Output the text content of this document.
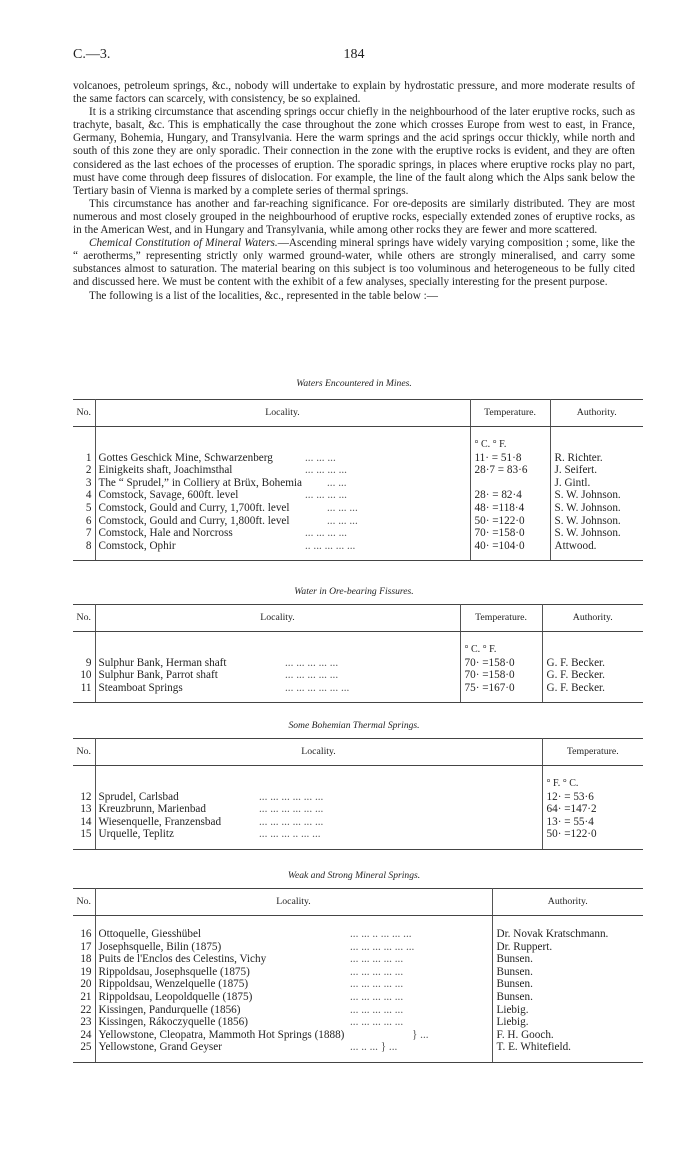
C.—3.	184

volcanoes, petroleum springs, &c., nobody will undertake to explain by hydrostatic pressure, and more moderate results of the same factors can scarcely, with consistency, be so explained.

It is a striking circumstance that ascending springs occur chiefly in the neighbourhood of the later eruptive rocks, such as trachyte, basalt, &c. This is emphatically the case throughout the zone which crosses Europe from west to east, in France, Germany, Bohemia, Hungary, and Transylvania. Here the warm springs and the acid springs occur thickly, while north and south of this zone they are only sporadic. Their connection in the zone with the eruptive rocks is evident, and they are often considered as the last echoes of the processes of eruption. The sporadic springs, in places where eruptive rocks play no part, must have come through deep fissures of dislocation. For example, the line of the fault along which the Alps sank below the Tertiary basin of Vienna is marked by a complete series of thermal springs.

This circumstance has another and far-reaching significance. For ore-deposits are similarly distributed. They are most numerous and most closely grouped in the neighbourhood of eruptive rocks, especially extended zones of eruptive rocks, as in the American West, and in Hungary and Transylvania, while among other rocks they are fewer and more scattered.

Chemical Constitution of Mineral Waters.—Ascending mineral springs have widely varying composition ; some, like the “ aerotherms,” representing strictly only warmed ground-water, while others are strongly mineralised, and carry some substances almost to saturation. The material bearing on this subject is too voluminous and heterogeneous to be fully cited and discussed here. We must be content with the exhibit of a few analyses, specially interesting for the present purpose.

The following is a list of the localities, &c., represented in the table below :—

Waters Encountered in Mines.
No.	Locality.		Temperature.	Authority.
			° C. ° F.	
1	Gottes Geschick Mine, Schwarzenberg	... ... ...	11· = 51·8	R. Richter.
2	Einigkeits shaft, Joachimsthal	... ... ... ...	28·7 = 83·6	J. Seifert.
3	The “ Sprudel,” in Colliery at Brüx, Bohemia	... ...		J. Gintl.
4	Comstock, Savage, 600ft. level	... ... ... ...	28· = 82·4	S. W. Johnson.
5	Comstock, Gould and Curry, 1,700ft. level	... ... ...	48· =118·4	S. W. Johnson.
6	Comstock, Gould and Curry, 1,800ft. level	... ... ...	50· =122·0	S. W. Johnson.
7	Comstock, Hale and Norcross	... ... ... ...	70· =158·0	S. W. Johnson.
8	Comstock, Ophir	.. ... ... ... ...	40· =104·0	Attwood.

Water in Ore-bearing Fissures.
No.	Locality.		Temperature.	Authority.
			° C. ° F.	
9	Sulphur Bank, Herman shaft	... ... ... ... ...	70· =158·0	G. F. Becker.
10	Sulphur Bank, Parrot shaft	... ... ... ... ...	70· =158·0	G. F. Becker.
11	Steamboat Springs	... ... ... ... ... ...	75· =167·0	G. F. Becker.

Some Bohemian Thermal Springs.
No.	Locality.		Temperature.
			° F. ° C.
12	Sprudel, Carlsbad	... ... ... ... ... ...	12· = 53·6
13	Kreuzbrunn, Marienbad	... ... ... ... ... ...	64· =147·2
14	Wiesenquelle, Franzensbad	... ... ... ... ... ...	13· = 55·4
15	Urquelle, Teplitz	... ... ... .. ... ...	50· =122·0

Weak and Strong Mineral Springs.
No.	Locality.		Authority.

16	Ottoquelle, Giesshübel	... ... .. ... ... ...	Dr. Novak Kratschmann.
17	Josephsquelle, Bilin (1875)	... ... ... ... ... ...	Dr. Ruppert.
18	Puits de l'Enclos des Celestins, Vichy	... ... ... ... ...	Bunsen.
19	Rippoldsau, Josephsquelle (1875)	... ... ... ... ...	Bunsen.
20	Rippoldsau, Wenzelquelle (1875)	... ... ... ... ...	Bunsen.
21	Rippoldsau, Leopoldquelle (1875)	... ... ... ... ...	Bunsen.
22	Kissingen, Pandurquelle (1856)	... ... ... ... ...	Liebig.
23	Kissingen, Rákoczyquelle (1856)	... ... ... ... ...	Liebig.
24	Yellowstone, Cleopatra, Mammoth Hot Springs (1888)	} ...	F. H. Gooch.
25	Yellowstone, Grand Geyser	... .. ... } ...	T. E. Whitefield.
